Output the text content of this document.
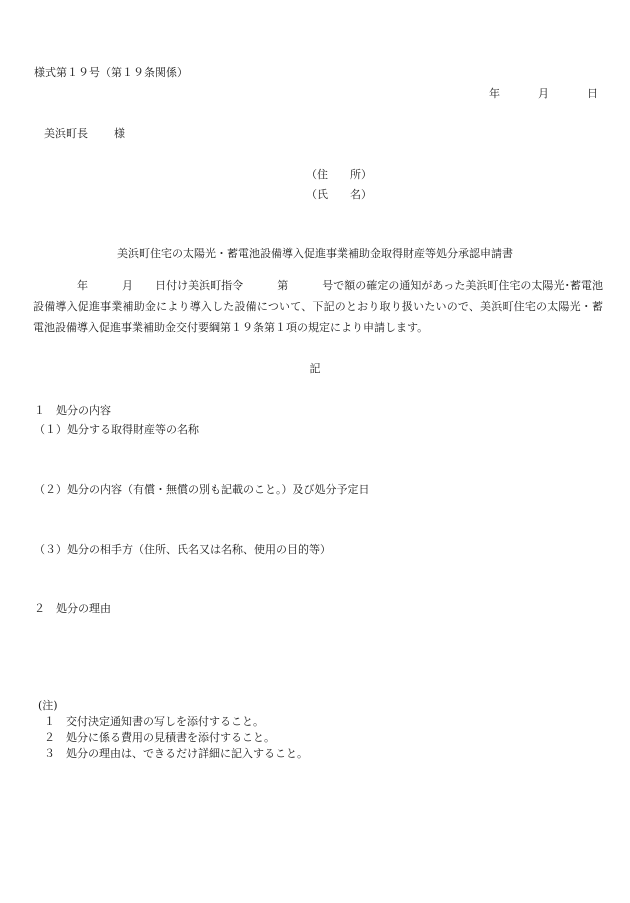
様式第１９号（第１９条関係）
年	月	日
美浜町長 様
（住　　所）
（氏　　名）
美浜町住宅の太陽光・蓄電池設備導入促進事業補助金取得財産等処分承認申請書
年	月 日付け美浜町指令	第	号で額の確定の通知があった美浜町住宅の太陽光･蓄電池設備導入促進事業補助金により導入した設備について、下記のとおり取り扱いたいので、美浜町住宅の太陽光・蓄電池設備導入促進事業補助金交付要綱第１９条第１項の規定により申請します。
記
１　処分の内容
（１）処分する取得財産等の名称
（２）処分の内容（有償・無償の別も記載のこと。）及び処分予定日
（３）処分の相手方（住所、氏名又は名称、使用の目的等）
２　処分の理由
(注)
１ 交付決定通知書の写しを添付すること。
２ 処分に係る費用の見積書を添付すること。
３ 処分の理由は、できるだけ詳細に記入すること。
